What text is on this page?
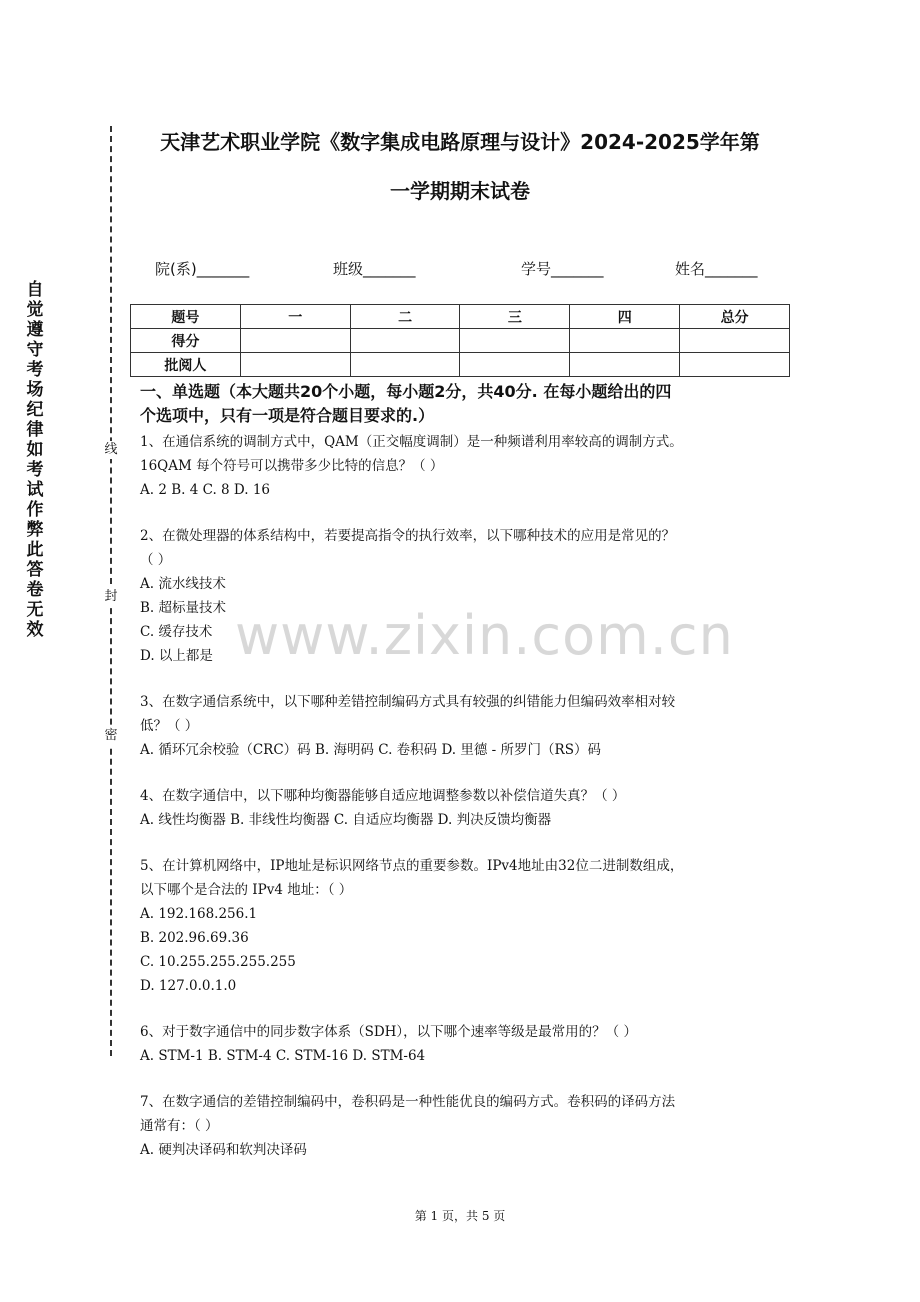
自觉遵守考场纪律如考试作弊此答卷无效
线
封
密
天津艺术职业学院《数字集成电路原理与设计》2024-2025学年第
一学期期末试卷
院(系)_______	班级_______	学号_______	姓名_______
题号	一	二	三	四	总分
得分					
批阅人					
一、单选题（本大题共20个小题，每小题2分，共40分. 在每小题给出的四
个选项中，只有一项是符合题目要求的.）

1、在通信系统的调制方式中，QAM（正交幅度调制）是一种频谱利用率较高的调制方式。

16QAM 每个符号可以携带多少比特的信息？（ ）

A. 2 B. 4 C. 8 D. 16

2、在微处理器的体系结构中，若要提高指令的执行效率，以下哪种技术的应用是常见的？

（ ）

A. 流水线技术

B. 超标量技术

C. 缓存技术

D. 以上都是

3、在数字通信系统中，以下哪种差错控制编码方式具有较强的纠错能力但编码效率相对较

低？（ ）

A. 循环冗余校验（CRC）码 B. 海明码 C. 卷积码 D. 里德 - 所罗门（RS）码

4、在数字通信中，以下哪种均衡器能够自适应地调整参数以补偿信道失真？（ ）

A. 线性均衡器 B. 非线性均衡器 C. 自适应均衡器 D. 判决反馈均衡器

5、在计算机网络中，IP地址是标识网络节点的重要参数。IPv4地址由32位二进制数组成，

以下哪个是合法的 IPv4 地址：（ ）

A. 192.168.256.1

B. 202.96.69.36

C. 10.255.255.255.255

D. 127.0.0.1.0

6、对于数字通信中的同步数字体系（SDH），以下哪个速率等级是最常用的？（ ）

A. STM-1 B. STM-4 C. STM-16 D. STM-64

7、在数字通信的差错控制编码中，卷积码是一种性能优良的编码方式。卷积码的译码方法

通常有：（ ）

A. 硬判决译码和软判决译码

www.zixin.com.cn
第 1 页，共 5 页
